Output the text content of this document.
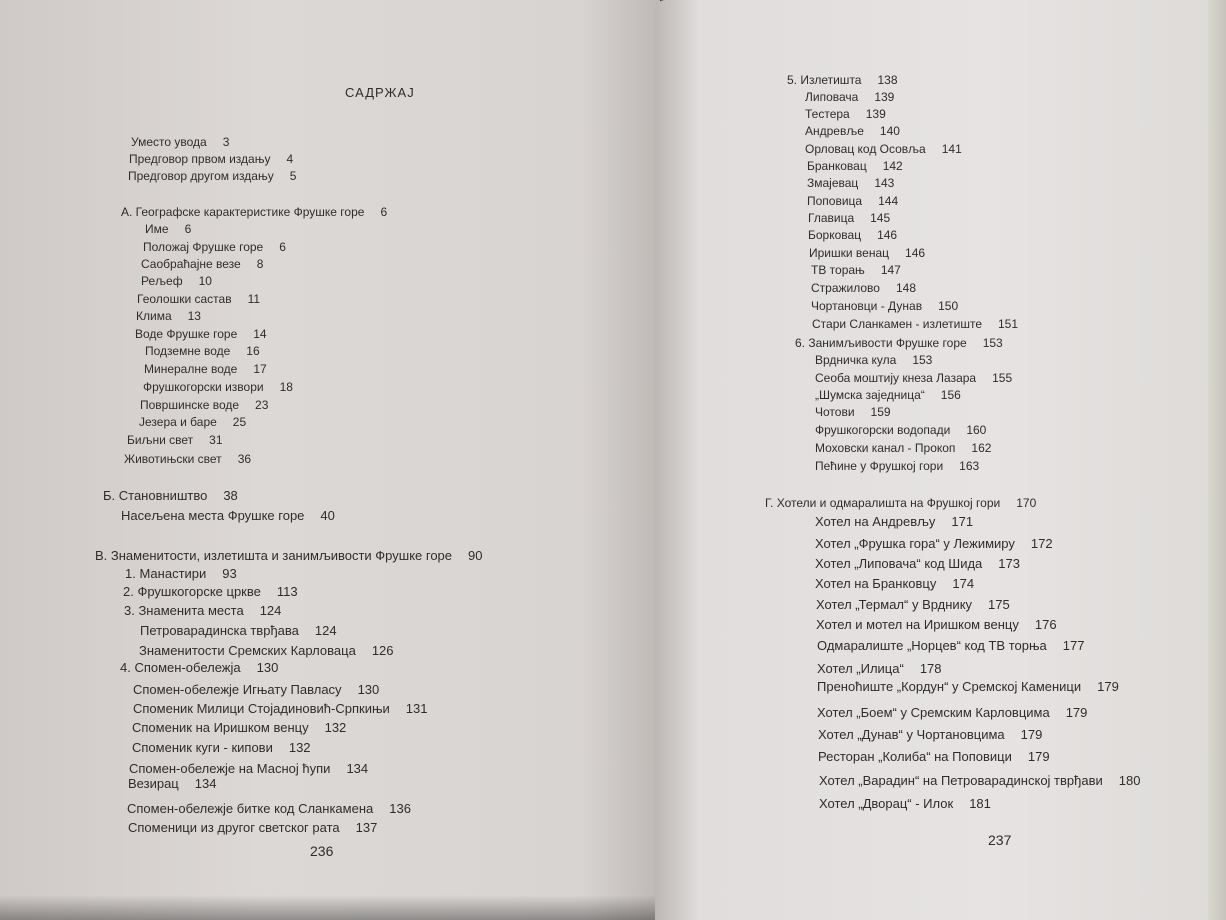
САДРЖАЈ
Уместо увода 3
Предговор првом издању 4
Предговор другом издању 5
А. Географске карактеристике Фрушке горе 6
Име 6
Положај Фрушке горе 6
Саобраћајне везе 8
Рељеф 10
Геолошки састав 11
Клима 13
Воде Фрушке горе 14
Подземне воде 16
Минералне воде 17
Фрушкогорски извори 18
Површинске воде 23
Језера и баре 25
Биљни свет 31
Животињски свет 36
Б. Становништво 38
Насељена места Фрушке горе 40
В. Знаменитости, излетишта и занимљивости Фрушке горе 90
1. Манастири 93
2. Фрушкогорске цркве 113
3. Знаменита места 124
Петроварадинска тврђава 124
Знаменитости Сремских Карловаца 126
4. Спомен-обележја 130
Спомен-обележје Игњату Павласу 130
Споменик Милици Стојадиновић-Српкињи 131
Споменик на Иришком венцу 132
Споменик куги - кипови 132
Спомен-обележје на Масној ћупи 134
Везирац 134
Спомен-обележје битке код Сланкамена 136
Споменици из другог светског рата 137
236
5. Излетишта 138
Липовача 139
Тестера 139
Андревље 140
Орловац код Осовља 141
Бранковац 142
Змајевац 143
Поповица 144
Главица 145
Борковац 146
Иришки венац 146
ТВ торањ 147
Стражилово 148
Чортановци - Дунав 150
Стари Сланкамен - излетиште 151
6. Занимљивости Фрушке горе 153
Врдничка кула 153
Сеоба моштију кнеза Лазара 155
„Шумска заједница“ 156
Чотови 159
Фрушкогорски водопади 160
Моховски канал - Прокоп 162
Пећине у Фрушкој гори 163
Г. Хотели и одмаралишта на Фрушкој гори 170
Хотел на Андревљу 171
Хотел „Фрушка гора“ у Лежимиру 172
Хотел „Липовача“ код Шида 173
Хотел на Бранковцу 174
Хотел „Термал“ у Врднику 175
Хотел и мотел на Иришком венцу 176
Одмаралиште „Норцев“ код ТВ торња 177
Хотел „Илица“ 178
Преноћиште „Кордун“ у Сремској Каменици 179
Хотел „Боем“ у Сремским Карловцима 179
Хотел „Дунав“ у Чортановцима 179
Ресторан „Колиба“ на Поповици 179
Хотел „Варадин“ на Петроварадинској тврђави 180
Хотел „Дворац“ - Илок 181
237
